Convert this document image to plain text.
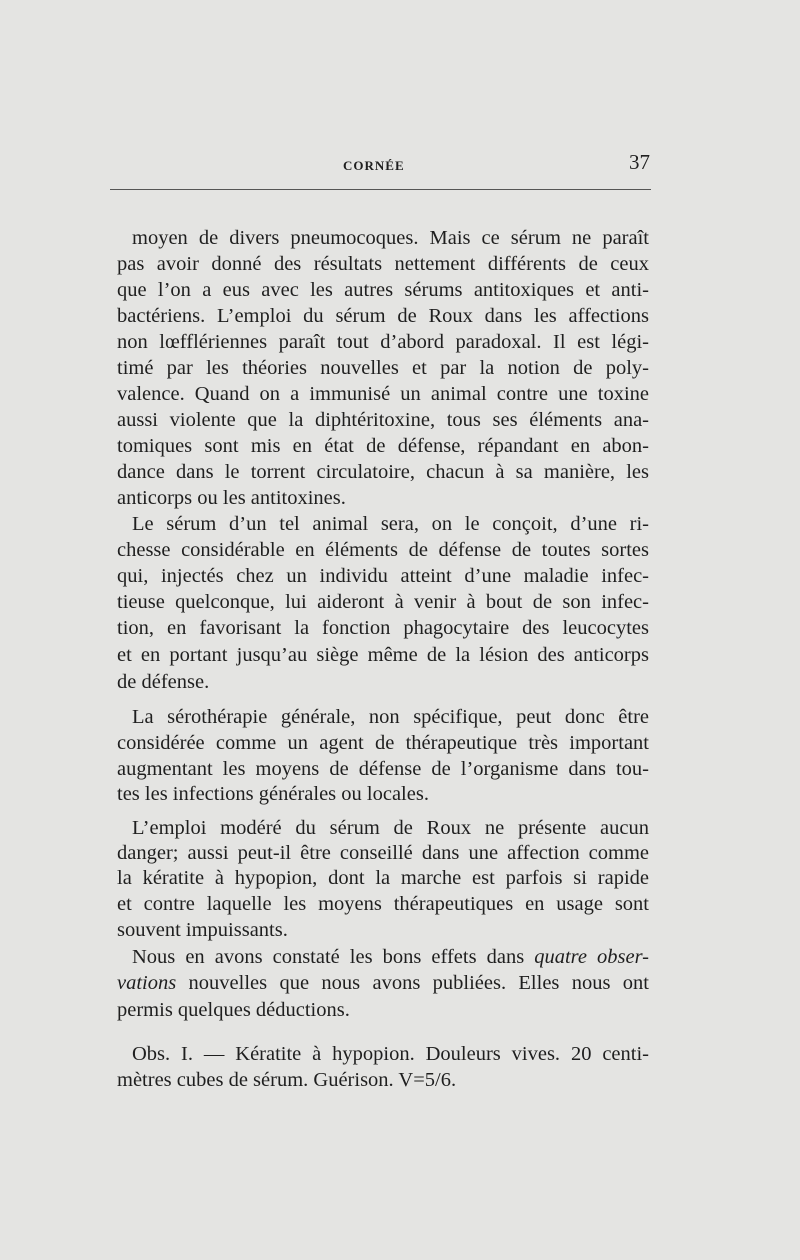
CORNÉE	37
moyen de divers pneumocoques. Mais ce sérum ne paraît
pas avoir donné des résultats nettement différents de ceux
que l’on a eus avec les autres sérums antitoxiques et anti-
bactériens. L’emploi du sérum de Roux dans les affections
non lœfflériennes paraît tout d’abord paradoxal. Il est légi-
timé par les théories nouvelles et par la notion de poly-
valence. Quand on a immunisé un animal contre une toxine
aussi violente que la diphtéritoxine, tous ses éléments ana-
tomiques sont mis en état de défense, répandant en abon-
dance dans le torrent circulatoire, chacun à sa manière, les
anticorps ou les antitoxines.
Le sérum d’un tel animal sera, on le conçoit, d’une ri-
chesse considérable en éléments de défense de toutes sortes
qui, injectés chez un individu atteint d’une maladie infec-
tieuse quelconque, lui aideront à venir à bout de son infec-
tion, en favorisant la fonction phagocytaire des leucocytes
et en portant jusqu’au siège même de la lésion des anticorps
de défense.
La sérothérapie générale, non spécifique, peut donc être
considérée comme un agent de thérapeutique très important
augmentant les moyens de défense de l’organisme dans tou-
tes les infections générales ou locales.
L’emploi modéré du sérum de Roux ne présente aucun
danger; aussi peut-il être conseillé dans une affection comme
la kératite à hypopion, dont la marche est parfois si rapide
et contre laquelle les moyens thérapeutiques en usage sont
souvent impuissants.
Nous en avons constaté les bons effets dans quatre obser-
vations nouvelles que nous avons publiées. Elles nous ont
permis quelques déductions.
Obs. I. — Kératite à hypopion. Douleurs vives. 20 centi-
mètres cubes de sérum. Guérison. V=5/6.
